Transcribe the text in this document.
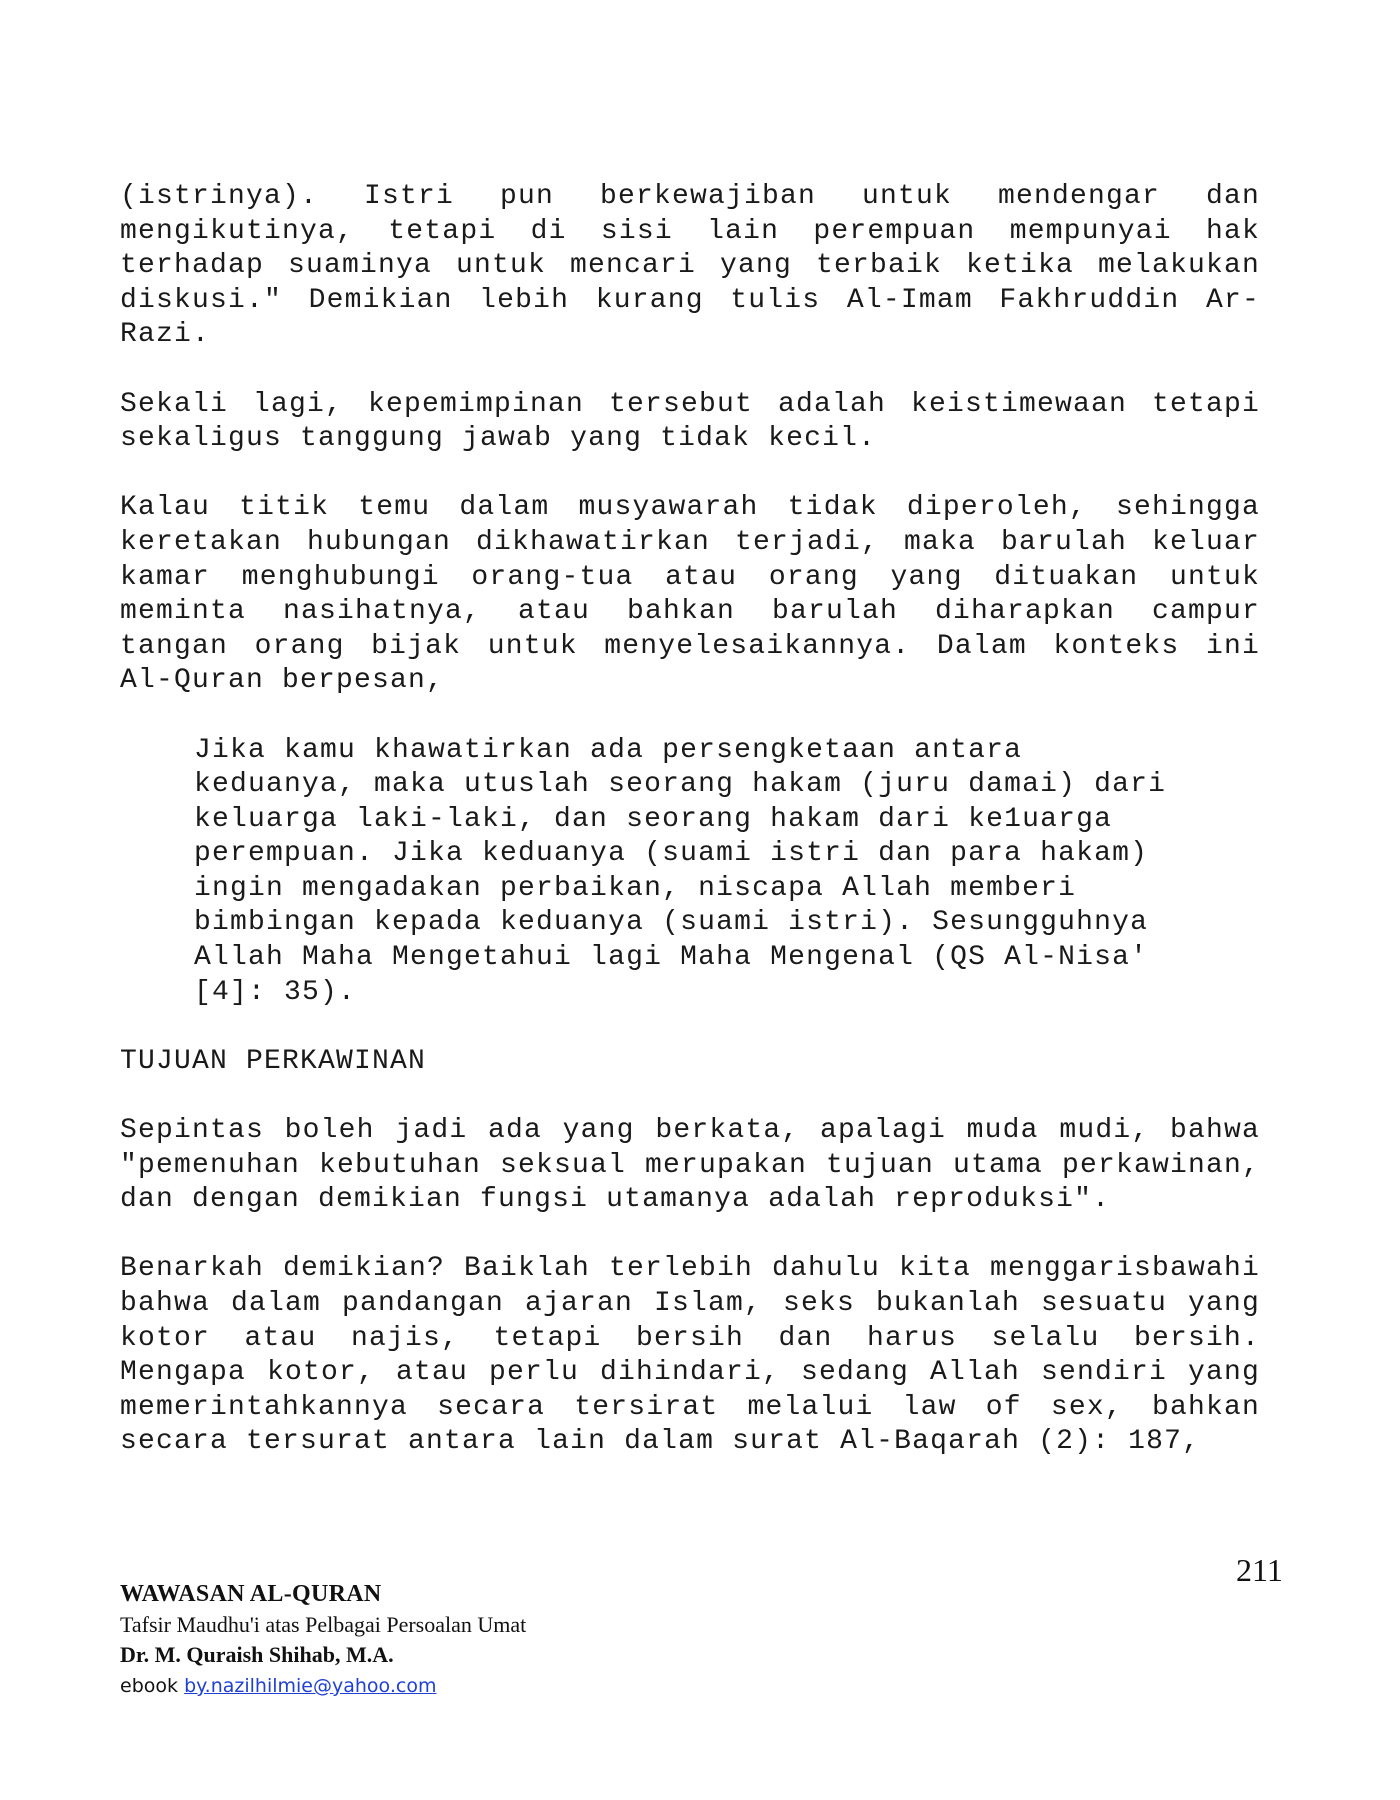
(istrinya). Istri pun berkewajiban untuk mendengar dan mengikutinya, tetapi di sisi lain perempuan mempunyai hak terhadap suaminya untuk mencari yang terbaik ketika melakukan diskusi." Demikian lebih kurang tulis Al-Imam Fakhruddin Ar-Razi.

Sekali lagi, kepemimpinan tersebut adalah keistimewaan tetapi sekaligus tanggung jawab yang tidak kecil.

Kalau titik temu dalam musyawarah tidak diperoleh, sehingga keretakan hubungan dikhawatirkan terjadi, maka barulah keluar kamar menghubungi orang-tua atau orang yang dituakan untuk meminta nasihatnya, atau bahkan barulah diharapkan campur tangan orang bijak untuk menyelesaikannya. Dalam konteks ini Al-Quran berpesan,

Jika kamu khawatirkan ada persengketaan antara keduanya, maka utuslah seorang hakam (juru damai) dari keluarga laki-laki, dan seorang hakam dari ke1uarga perempuan. Jika keduanya (suami istri dan para hakam) ingin mengadakan perbaikan, niscapa Allah memberi bimbingan kepada keduanya (suami istri). Sesungguhnya Allah Maha Mengetahui lagi Maha Mengenal (QS Al-Nisa' [4]: 35).
TUJUAN PERKAWINAN

Sepintas boleh jadi ada yang berkata, apalagi muda mudi, bahwa "pemenuhan kebutuhan seksual merupakan tujuan utama perkawinan, dan dengan demikian fungsi utamanya adalah reproduksi".

Benarkah demikian? Baiklah terlebih dahulu kita menggarisbawahi bahwa dalam pandangan ajaran Islam, seks bukanlah sesuatu yang kotor atau najis, tetapi bersih dan harus selalu bersih. Mengapa kotor, atau perlu dihindari, sedang Allah sendiri yang memerintahkannya secara tersirat melalui law of sex, bahkan secara tersurat antara lain dalam surat Al-Baqarah (2): 187,

211
WAWASAN AL-QURAN
Tafsir Maudhu'i atas Pelbagai Persoalan Umat
Dr. M. Quraish Shihab, M.A.
ebook by.nazilhilmie@yahoo.com
